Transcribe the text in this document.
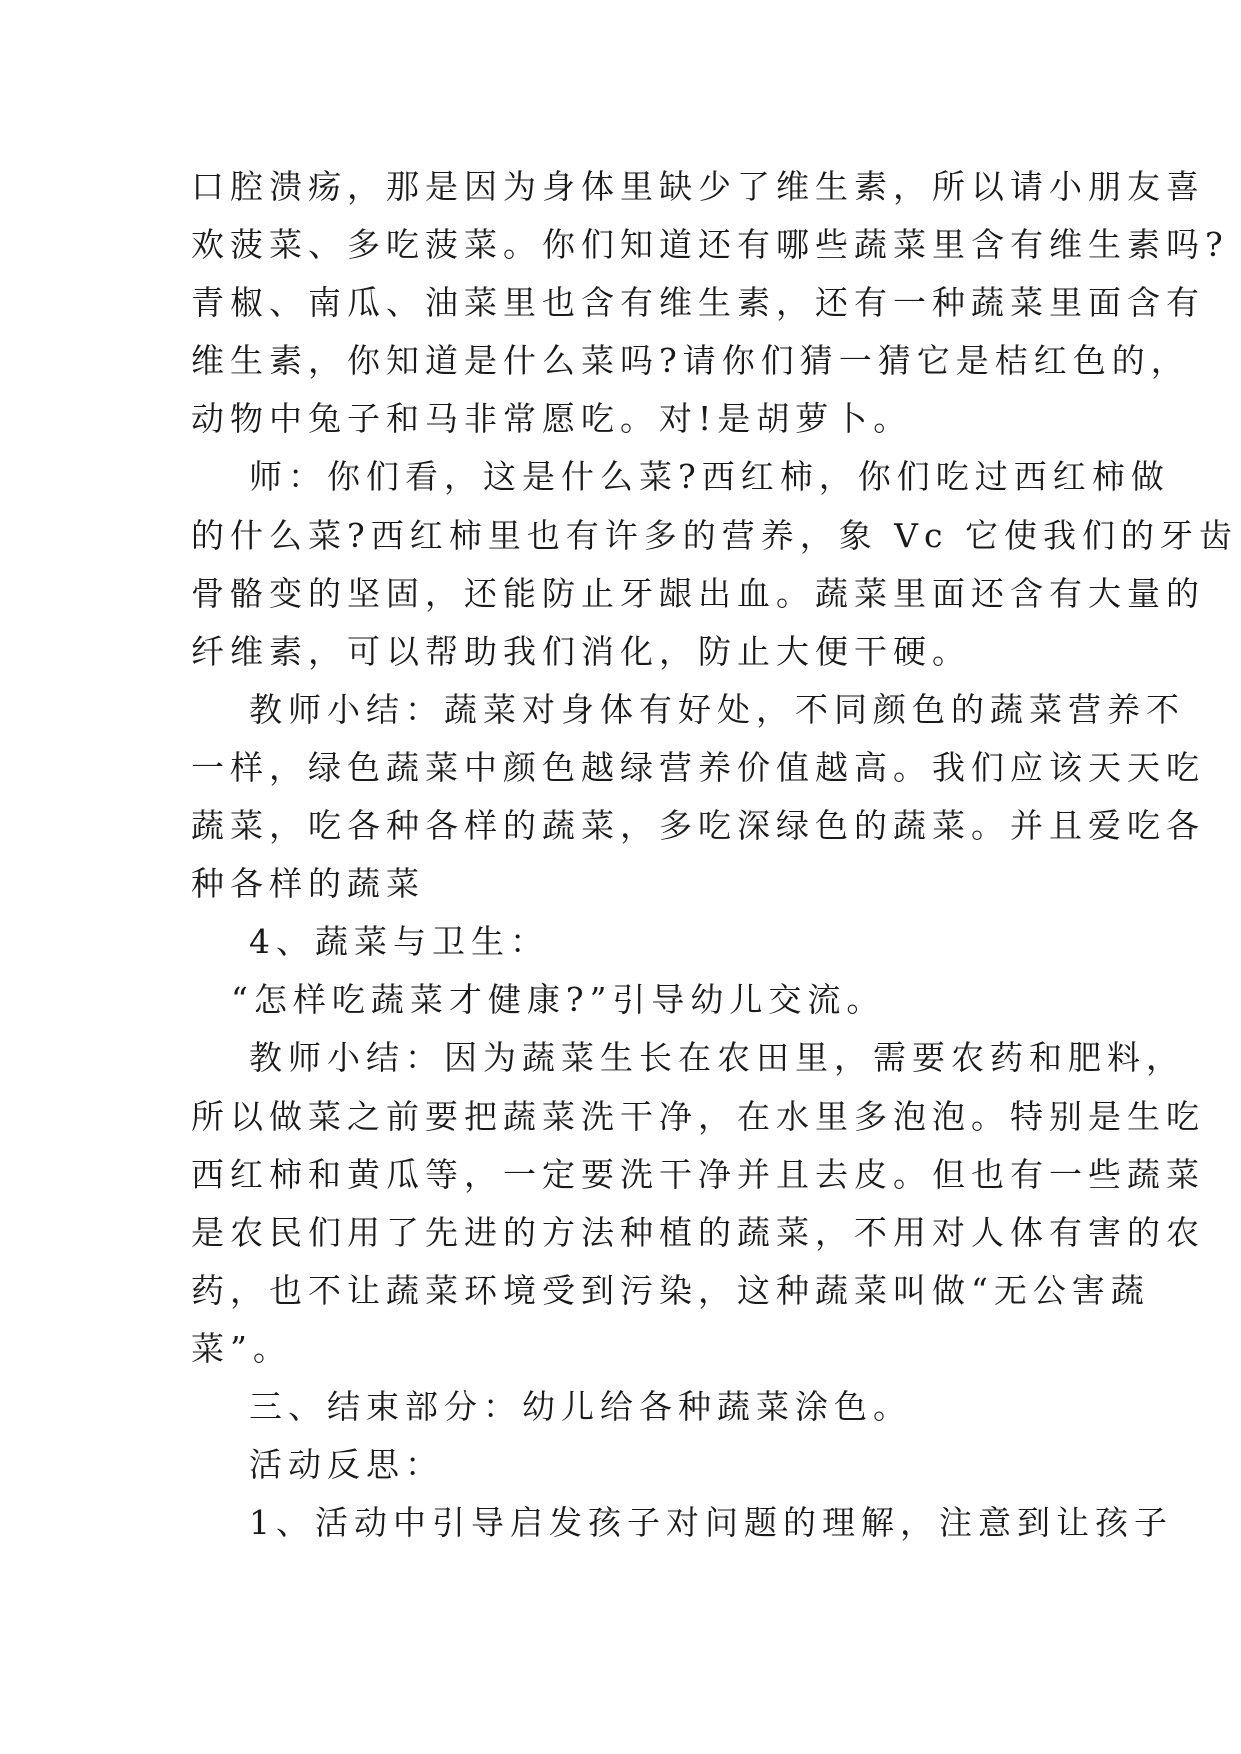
口腔溃疡，那是因为身体里缺少了维生素，所以请小朋友喜
欢菠菜、多吃菠菜。你们知道还有哪些蔬菜里含有维生素吗?
青椒、南瓜、油菜里也含有维生素，还有一种蔬菜里面含有
维生素，你知道是什么菜吗?请你们猜一猜它是桔红色的，
动物中兔子和马非常愿吃。对!是胡萝卜。
师：你们看，这是什么菜?西红柿，你们吃过西红柿做
的什么菜?西红柿里也有许多的营养，象 Vc 它使我们的牙齿
骨骼变的坚固，还能防止牙龈出血。蔬菜里面还含有大量的
纤维素，可以帮助我们消化，防止大便干硬。
教师小结：蔬菜对身体有好处，不同颜色的蔬菜营养不
一样，绿色蔬菜中颜色越绿营养价值越高。我们应该天天吃
蔬菜，吃各种各样的蔬菜，多吃深绿色的蔬菜。并且爱吃各
种各样的蔬菜
4、蔬菜与卫生：
“怎样吃蔬菜才健康?”引导幼儿交流。
教师小结：因为蔬菜生长在农田里，需要农药和肥料，
所以做菜之前要把蔬菜洗干净，在水里多泡泡。特别是生吃
西红柿和黄瓜等，一定要洗干净并且去皮。但也有一些蔬菜
是农民们用了先进的方法种植的蔬菜，不用对人体有害的农
药，也不让蔬菜环境受到污染，这种蔬菜叫做“无公害蔬
菜”。
三、结束部分：幼儿给各种蔬菜涂色。
活动反思：
1、活动中引导启发孩子对问题的理解，注意到让孩子
